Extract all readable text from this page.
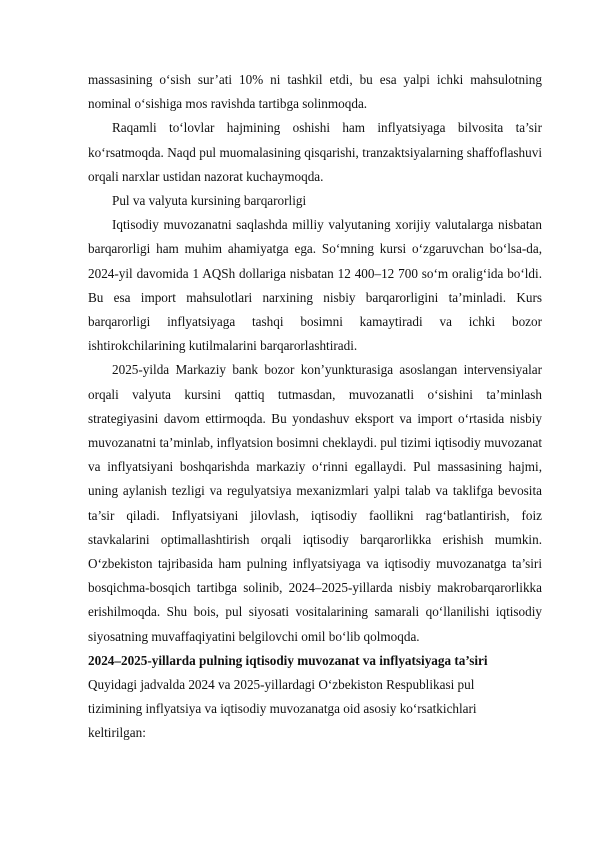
massasining o‘sish sur’ati 10% ni tashkil etdi, bu esa yalpi ichki mahsulotning nominal o‘sishiga mos ravishda tartibga solinmoqda.

Raqamli to‘lovlar hajmining oshishi ham inflyatsiyaga bilvosita ta’sir ko‘rsatmoqda. Naqd pul muomalasining qisqarishi, tranzaktsiyalarning shaffoflashuvi orqali narxlar ustidan nazorat kuchaymoqda.

Pul va valyuta kursining barqarorligi

Iqtisodiy muvozanatni saqlashda milliy valyutaning xorijiy valutalarga nisbatan barqarorligi ham muhim ahamiyatga ega. So‘mning kursi o‘zgaruvchan bo‘lsa-da, 2024-yil davomida 1 AQSh dollariga nisbatan 12 400–12 700 so‘m oralig‘ida bo‘ldi. Bu esa import mahsulotlari narxining nisbiy barqarorligini ta’minladi. Kurs barqarorligi inflyatsiyaga tashqi bosimni kamaytiradi va ichki bozor ishtirokchilarining kutilmalarini barqarorlashtiradi.

2025-yilda Markaziy bank bozor kon’yunkturasiga asoslangan intervensiyalar orqali valyuta kursini qattiq tutmasdan, muvozanatli o‘sishini ta’minlash strategiyasini davom ettirmoqda. Bu yondashuv eksport va import o‘rtasida nisbiy muvozanatni ta’minlab, inflyatsion bosimni cheklaydi. pul tizimi iqtisodiy muvozanat va inflyatsiyani boshqarishda markaziy o‘rinni egallaydi. Pul massasining hajmi, uning aylanish tezligi va regulyatsiya mexanizmlari yalpi talab va taklifga bevosita ta’sir qiladi. Inflyatsiyani jilovlash, iqtisodiy faollikni rag‘batlantirish, foiz stavkalarini optimallashtirish orqali iqtisodiy barqarorlikka erishish mumkin. O‘zbekiston tajribasida ham pulning inflyatsiyaga va iqtisodiy muvozanatga ta’siri bosqichma-bosqich tartibga solinib, 2024–2025-yillarda nisbiy makrobarqarorlikka erishilmoqda. Shu bois, pul siyosati vositalarining samarali qo‘llanilishi iqtisodiy siyosatning muvaffaqiyatini belgilovchi omil bo‘lib qolmoqda.

2024–2025-yillarda pulning iqtisodiy muvozanat va inflyatsiyaga ta’siri

Quyidagi jadvalda 2024 va 2025-yillardagi O‘zbekiston Respublikasi pul
tizimining inflyatsiya va iqtisodiy muvozanatga oid asosiy ko‘rsatkichlari
keltirilgan:
